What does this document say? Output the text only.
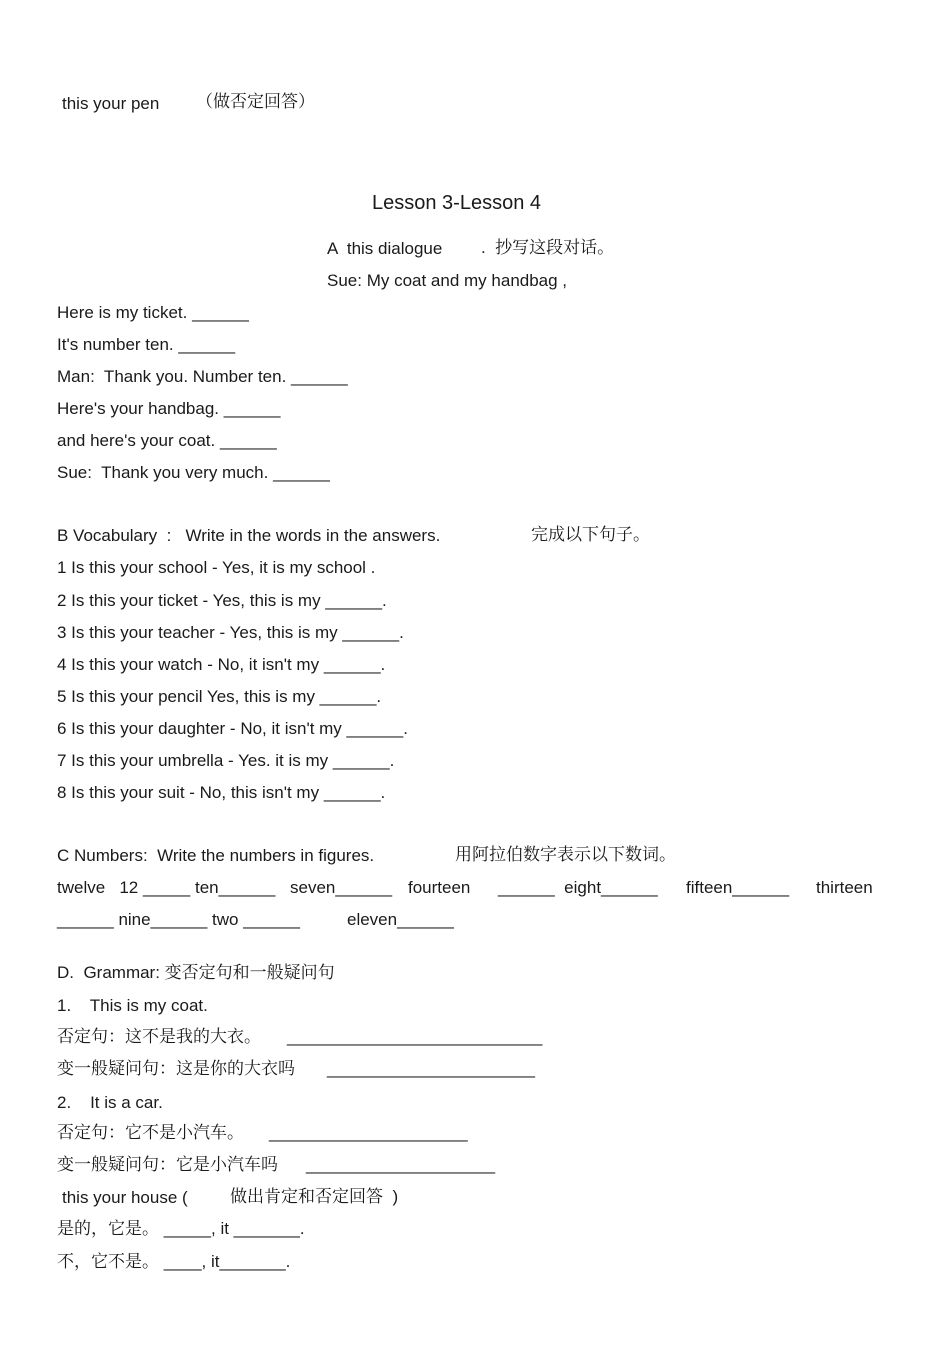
this your pen （做否定回答）
Lesson 3-Lesson 4
A  this dialogue .  抄写这段对话。
Sue: My coat and my handbag ,
Here is my ticket. ______
It's number ten. ______
Man:  Thank you. Number ten. ______
Here's your handbag. ______
and here's your coat. ______
Sue:  Thank you very much. ______
B Vocabulary  :   Write in the words in the answers.	完成以下句子。
1 Is this your school - Yes, it is my school .
2 Is this your ticket - Yes, this is my ______.
3 Is this your teacher - Yes, this is my ______.
4 Is this your watch - No, it isn't my ______.
5 Is this your pencil Yes, this is my ______.
6 Is this your daughter - No, it isn't my ______.
7 Is this your umbrella - Yes. it is my ______.
8 Is this your suit - No, this isn't my ______.
C Numbers:  Write the numbers in figures.	用阿拉伯数字表示以下数词。
twelve   12 _____ ten______ seven______ fourteen ______  eight______ fifteen______ thirteen
______ nine______ two ______	eleven______
D.  Grammar: 变否定句和一般疑问句
1.    This is my coat.
否定句：这不是我的大衣。 ___________________________
变一般疑问句：这是你的大衣吗 ______________________
2.    It is a car.
否定句：它不是小汽车。 _____________________
变一般疑问句：它是小汽车吗 ____________________
this your house ( 做出肯定和否定回答  )
是的，它是。 _____, it _______.
不，它不是。 ____, it_______.
